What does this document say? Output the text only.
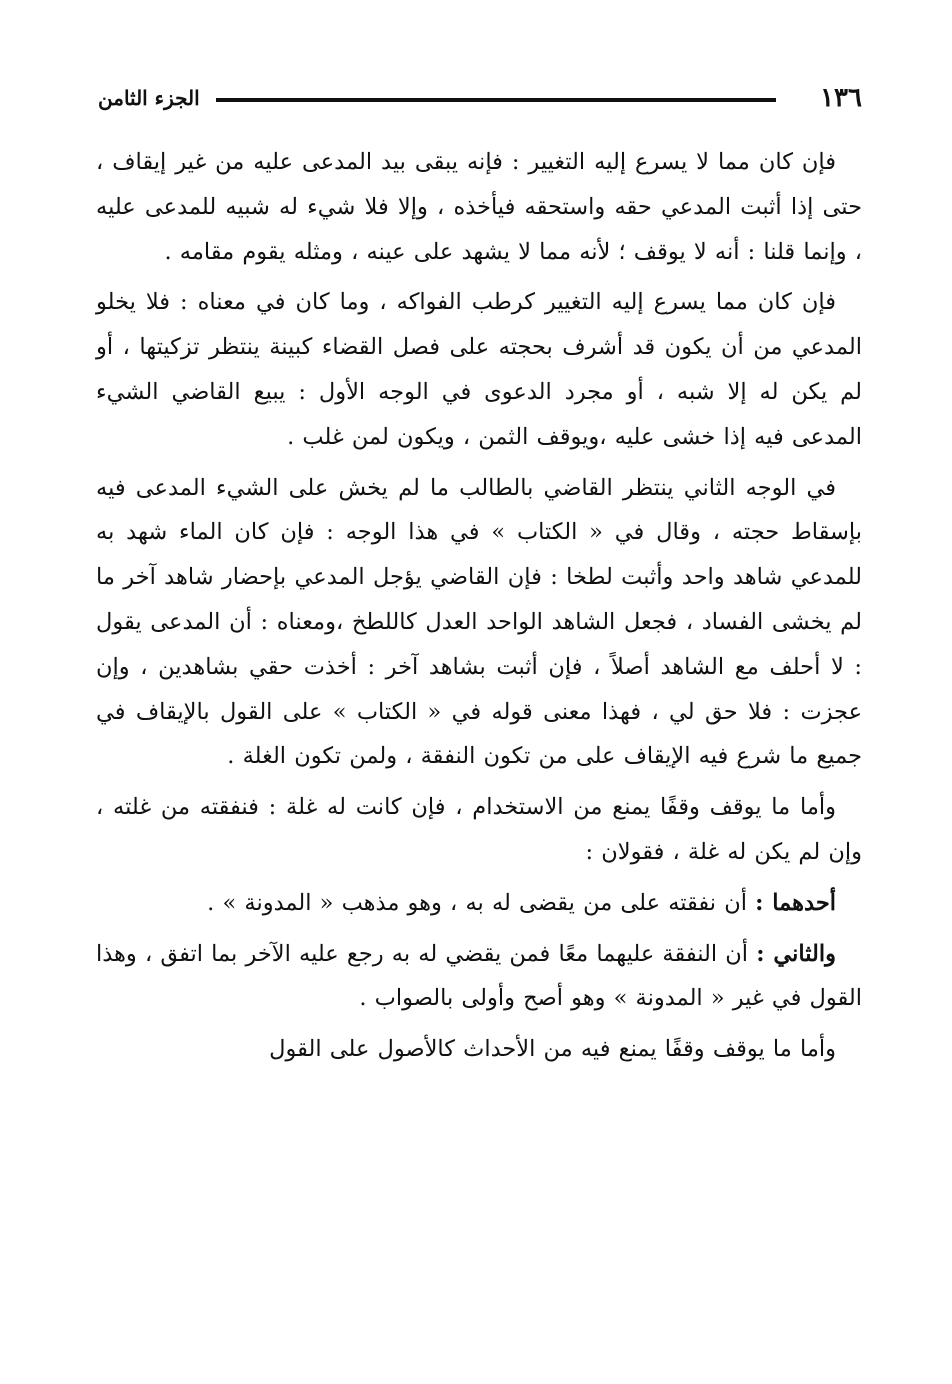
١٣٦
الجزء الثامن

فإن كان مما لا يسرع إليه التغيير : فإنه يبقى بيد المدعى عليه من غير إيقاف ، حتى إذا أثبت المدعي حقه واستحقه فيأخذه ، وإلا فلا شيء له شبيه للمدعى عليه ، وإنما قلنا : أنه لا يوقف ؛ لأنه مما لا يشهد على عينه ، ومثله يقوم مقامه .

فإن كان مما يسرع إليه التغيير كرطب الفواكه ، وما كان في معناه : فلا يخلو المدعي من أن يكون قد أشرف بحجته على فصل القضاء كبينة ينتظر تزكيتها ، أو لم يكن له إلا شبه ، أو مجرد الدعوى في الوجه الأول : يبيع القاضي الشيء المدعى فيه إذا خشى عليه ،ويوقف الثمن ، ويكون لمن غلب .

في الوجه الثاني ينتظر القاضي بالطالب ما لم يخش على الشيء المدعى فيه بإسقاط حجته ، وقال في « الكتاب » في هذا الوجه : فإن كان الماء شهد به للمدعي شاهد واحد وأثبت لطخا : فإن القاضي يؤجل المدعي بإحضار شاهد آخر ما لم يخشى الفساد ، فجعل الشاهد الواحد العدل كاللطخ ،ومعناه : أن المدعى يقول : لا أحلف مع الشاهد أصلاً ، فإن أثبت بشاهد آخر : أخذت حقي بشاهدين ، وإن عجزت : فلا حق لي ، فهذا معنى قوله في « الكتاب » على القول بالإيقاف في جميع ما شرع فيه الإيقاف على من تكون النفقة ، ولمن تكون الغلة .

وأما ما يوقف وقفًا يمنع من الاستخدام ، فإن كانت له غلة : فنفقته من غلته ، وإن لم يكن له غلة ، فقولان :

أحدهما : أن نفقته على من يقضى له به ، وهو مذهب « المدونة » .

والثاني : أن النفقة عليهما معًا فمن يقضي له به رجع عليه الآخر بما اتفق ، وهذا القول في غير « المدونة » وهو أصح وأولى بالصواب .

وأما ما يوقف وقفًا يمنع فيه من الأحداث كالأصول على القول
